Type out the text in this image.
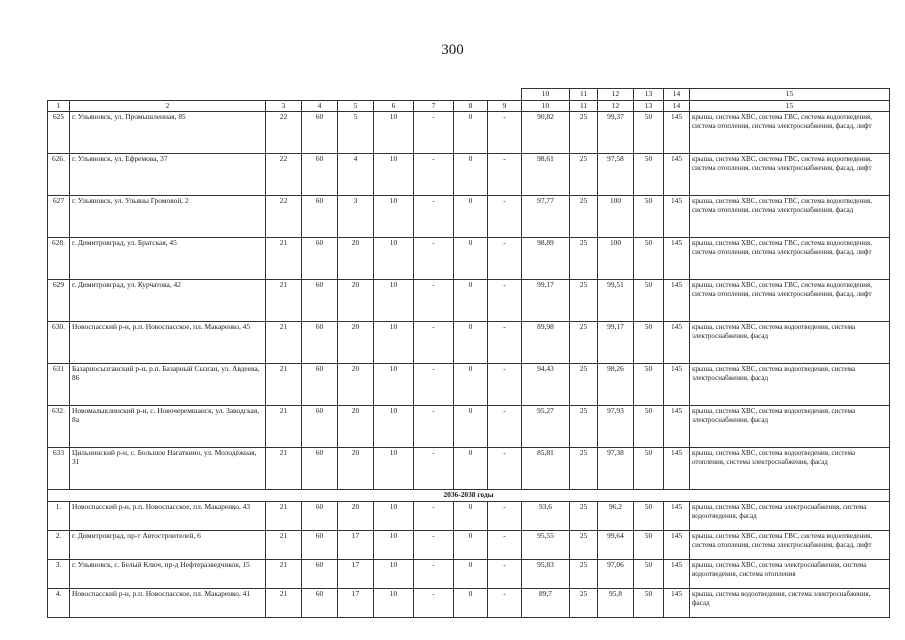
300
									10	11	12	13	14	15
1	2	3	4	5	6	7	8	9	10	11	12	13	14	15
625	г. Ульяновск, ул. Промышленная, 85	22	60	5	10	-	0	-	90,82	25	99,37	50	145	крыша, система ХВС, система ГВС, система водоотведения, система отопления, система электроснабжения, фасад, лифт
626.	г. Ульяновск, ул. Ефремова, 37	22	60	4	10	-	0	-	98,61	25	97,58	50	145	крыша, система ХВС, система ГВС, система водоотведения, система отопления, система электроснабжения, фасад, лифт
627	г. Ульяновск, ул. Ульяны Громовой, 2	22	60	3	10	-	0	-	97,77	25	100	50	145	крыша, система ХВС, система ГВС, система водоотведения, система отопления, система электроснабжения, фасад
628.	г. Димитровград, ул. Братская, 45	21	60	20	10	-	0	-	98,89	25	100	50	145	крыша, система ХВС, система ГВС, система водоотведения, система отопления, система электроснабжения, фасад, лифт
629	г. Димитровград, ул. Курчатова, 42	21	60	20	10	-	0	-	99,17	25	99,51	50	145	крыша, система ХВС, система ГВС, система водоотведения, система отопления, система электроснабжения, фасад, лифт
630.	Новоспасский р-н, р.п. Новоспасское, пл. Макаренко, 45	21	60	20	10	-	0	-	89,98	25	99,17	50	145	крыша, система ХВС, система водоотведения, система электроснабжения, фасад
631	Базарносызганский р-н, р.п. Базарный Сызган, ул. Авдеева, 86	21	60	20	10	-	0	-	94,43	25	98,26	50	145	крыша, система ХВС, система водоотведения, система электроснабжения, фасад
632.	Новомалыклинский р-н, с. Новочеремшанск, ул. Заводская, 8а	21	60	20	10	-	0	-	95,27	25	97,93	50	145	крыша, система ХВС, система водоотведения, система электроснабжения, фасад
633	Цильнинский р-н, с. Большое Нагаткино, ул. Молодёжная, 31	21	60	20	10	-	0	-	85,81	25	97,38	50	145	крыша, система ХВС, система водоотведения, система отопления, система электроснабжения, фасад
2036-2038 годы														
1.	Новоспасский р-н, р.п. Новоспасское, пл. Макаренко, 43	21	60	20	10	-	0	-	93,6	25	96,2	50	145	крыша, система ХВС, система электроснабжения, система водоотведения, фасад
2.	г. Димитровград, пр-т Автостроителей, 6	21	60	17	10	-	0	-	95,55	25	99,64	50	145	крыша, система ХВС, система ГВС, система водоотведения, система отопления, система электроснабжения, фасад, лифт
3.	г. Ульяновск, с. Белый Ключ, пр-д Нефтеразведчиков, 15	21	60	17	10	-	0	-	95,83	25	97,06	50	145	крыша, система ХВС, система электроснабжения, система водоотведения, система отопления
4.	Новоспасский р-н, р.п. Новоспасское, пл. Макаренко, 41	21	60	17	10	-	0	-	89,7	25	95,8	50	145	крыша, система водоотведения, система электроснабжения, фасад
